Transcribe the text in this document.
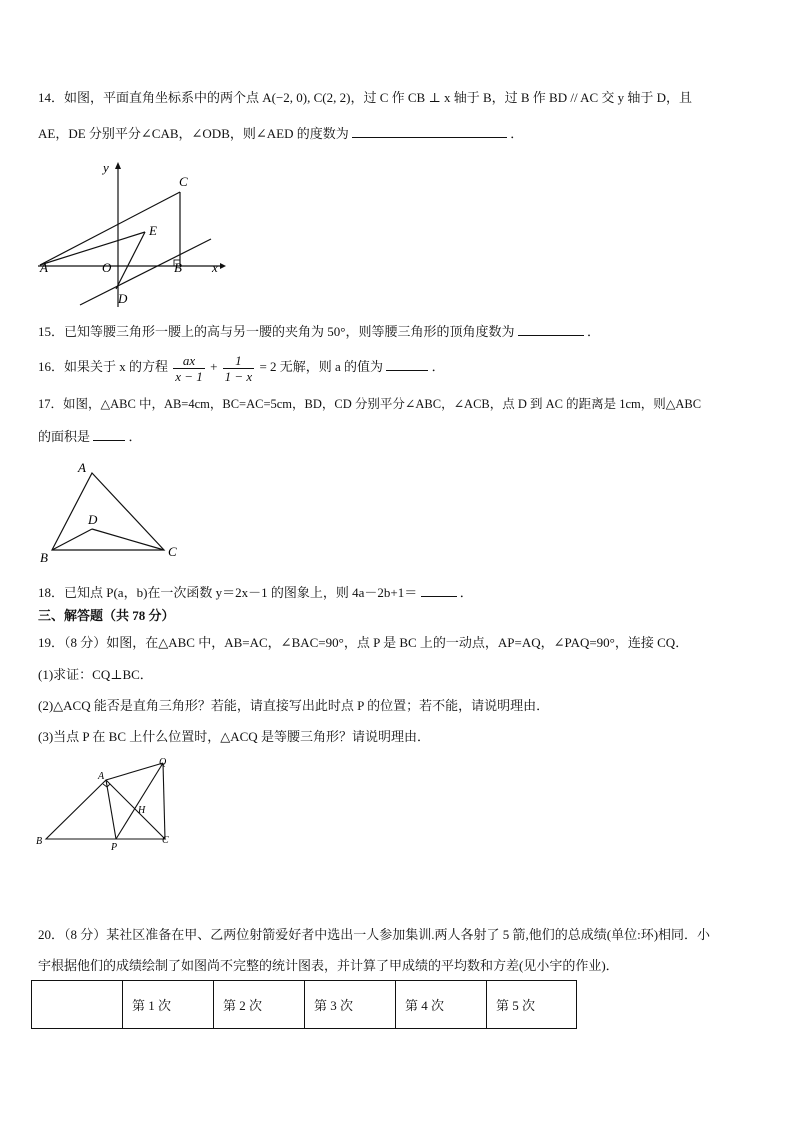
14．如图，平面直角坐标系中的两个点 A(−2, 0), C(2, 2)，过 C 作 CB ⊥ x 轴于 B，过 B 作 BD // AC 交 y 轴于 D，且
AE，DE 分别平分∠CAB，∠ODB，则∠AED 的度数为	．
y
C
E
A	O	B x
D
15．已知等腰三角形一腰上的高与另一腰的夹角为 50°，则等腰三角形的顶角度数为	．
16．如果关于 x 的方程 $\frac{ax}{x - 1} + \frac{1}{1 - x} = 2$ 无解，则 a 的值为	．
17．如图，△ABC 中，AB=4cm，BC=AC=5cm，BD，CD 分别平分∠ABC，∠ACB，点 D 到 AC 的距离是 1cm，则△ABC
的面积是	．
A
D
B	C
18．已知点 P(a，b)在一次函数 y＝2x－1 的图象上，则 4a－2b+1＝	．
三、解答题（共 78 分）
19．（8 分）如图，在△ABC 中，AB=AC，∠BAC=90°，点 P 是 BC 上的一动点，AP=AQ，∠PAQ=90°，连接 CQ．
(1)求证：CQ⊥BC．
(2)△ACQ 能否是直角三角形？若能，请直接写出此时点 P 的位置；若不能，请说明理由．
(3)当点 P 在 BC 上什么位置时，△ACQ 是等腰三角形？请说明理由．
A
Q
H
B
P
C
20．（8 分）某社区准备在甲、乙两位射箭爱好者中选出一人参加集训.两人各射了 5 箭,他们的总成绩(单位:环)相同．小
宇根据他们的成绩绘制了如图尚不完整的统计图表，并计算了甲成绩的平均数和方差(见小宇的作业)．
	第 1 次	第 2 次	第 3 次	第 4 次	第 5 次
